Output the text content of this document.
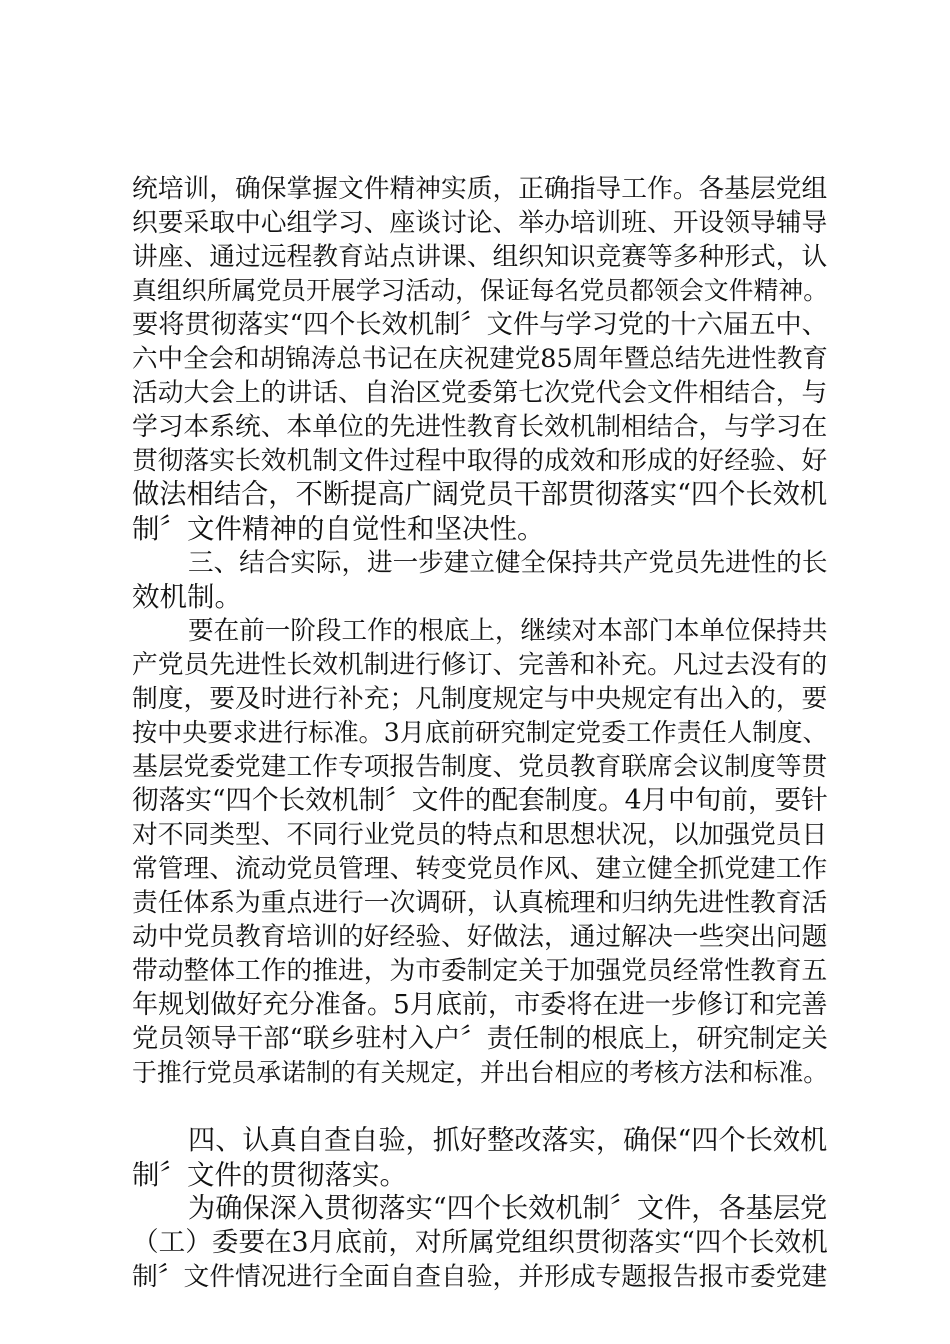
统培训，确保掌握文件精神实质，正确指导工作。各基层党组
织要采取中心组学习、座谈讨论、举办培训班、开设领导辅导
讲座、通过远程教育站点讲课、组织知识竞赛等多种形式，认
真组织所属党员开展学习活动，保证每名党员都领会文件精神。
要将贯彻落实“四个长效机制〞文件与学习党的十六届五中、
六中全会和胡锦涛总书记在庆祝建党85周年暨总结先进性教育
活动大会上的讲话、自治区党委第七次党代会文件相结合，与
学习本系统、本单位的先进性教育长效机制相结合，与学习在
贯彻落实长效机制文件过程中取得的成效和形成的好经验、好
做法相结合，不断提高广阔党员干部贯彻落实“四个长效机
制〞文件精神的自觉性和坚决性。
三、结合实际，进一步建立健全保持共产党员先进性的长
效机制。
要在前一阶段工作的根底上，继续对本部门本单位保持共
产党员先进性长效机制进行修订、完善和补充。凡过去没有的
制度，要及时进行补充；凡制度规定与中央规定有出入的，要
按中央要求进行标准。3月底前研究制定党委工作责任人制度、
基层党委党建工作专项报告制度、党员教育联席会议制度等贯
彻落实“四个长效机制〞文件的配套制度。4月中旬前，要针
对不同类型、不同行业党员的特点和思想状况，以加强党员日
常管理、流动党员管理、转变党员作风、建立健全抓党建工作
责任体系为重点进行一次调研，认真梳理和归纳先进性教育活
动中党员教育培训的好经验、好做法，通过解决一些突出问题
带动整体工作的推进，为市委制定关于加强党员经常性教育五
年规划做好充分准备。5月底前，市委将在进一步修订和完善
党员领导干部“联乡驻村入户〞责任制的根底上，研究制定关
于推行党员承诺制的有关规定，并出台相应的考核方法和标准。
四、认真自查自验，抓好整改落实，确保“四个长效机
制〞文件的贯彻落实。
为确保深入贯彻落实“四个长效机制〞文件，各基层党
（工）委要在3月底前，对所属党组织贯彻落实“四个长效机
制〞文件情况进行全面自查自验，并形成专题报告报市委党建
